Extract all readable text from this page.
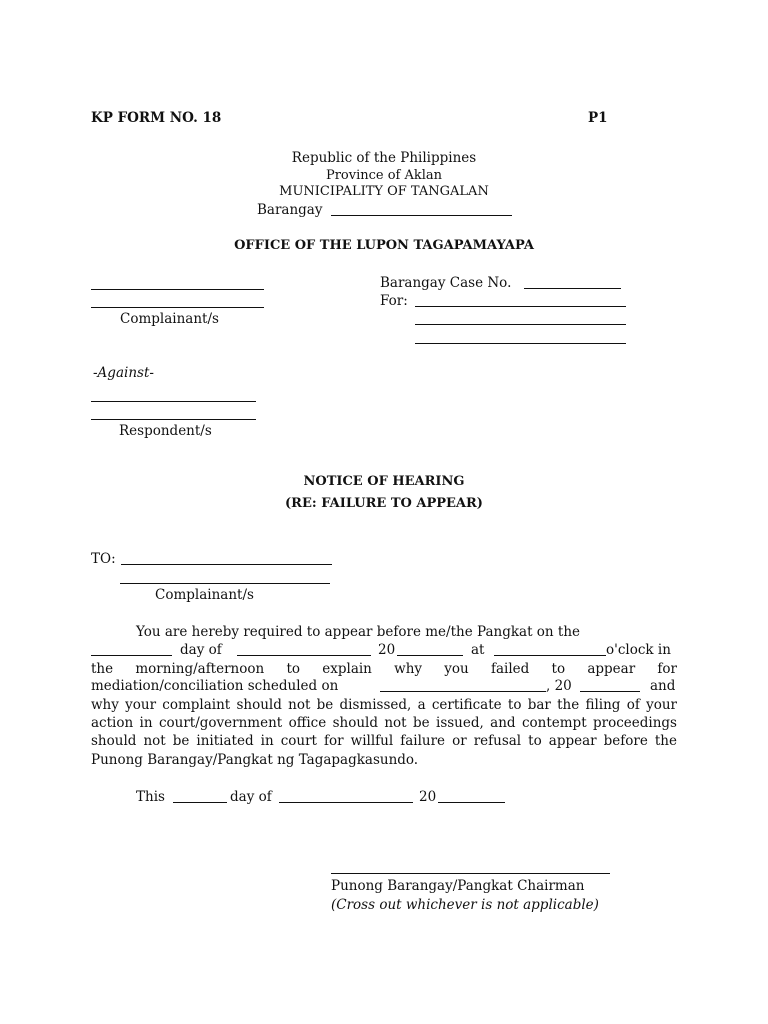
KP FORM NO. 18	P1
Republic of the Philippines
Province of Aklan
MUNICIPALITY OF TANGALAN
Barangay
OFFICE OF THE LUPON TAGAPAMAYAPA
Complainant/s
Barangay Case No.
For:
-Against-
Respondent/s
NOTICE OF HEARING
(RE: FAILURE TO APPEAR)
TO:
Complainant/s
You are hereby required to appear before me/the Pangkat on the
day of	20	at	o'clock in
the morning/afternoon to explain why you failed to appear for
mediation/conciliation scheduled on	, 20	and
why your complaint should not be dismissed, a certificate to bar the filing of your action in court/government office should not be issued, and contempt proceedings should not be initiated in court for willful failure or refusal to appear before the Punong Barangay/Pangkat ng Tagapagkasundo.
This	day of	20
Punong Barangay/Pangkat Chairman
(Cross out whichever is not applicable)
